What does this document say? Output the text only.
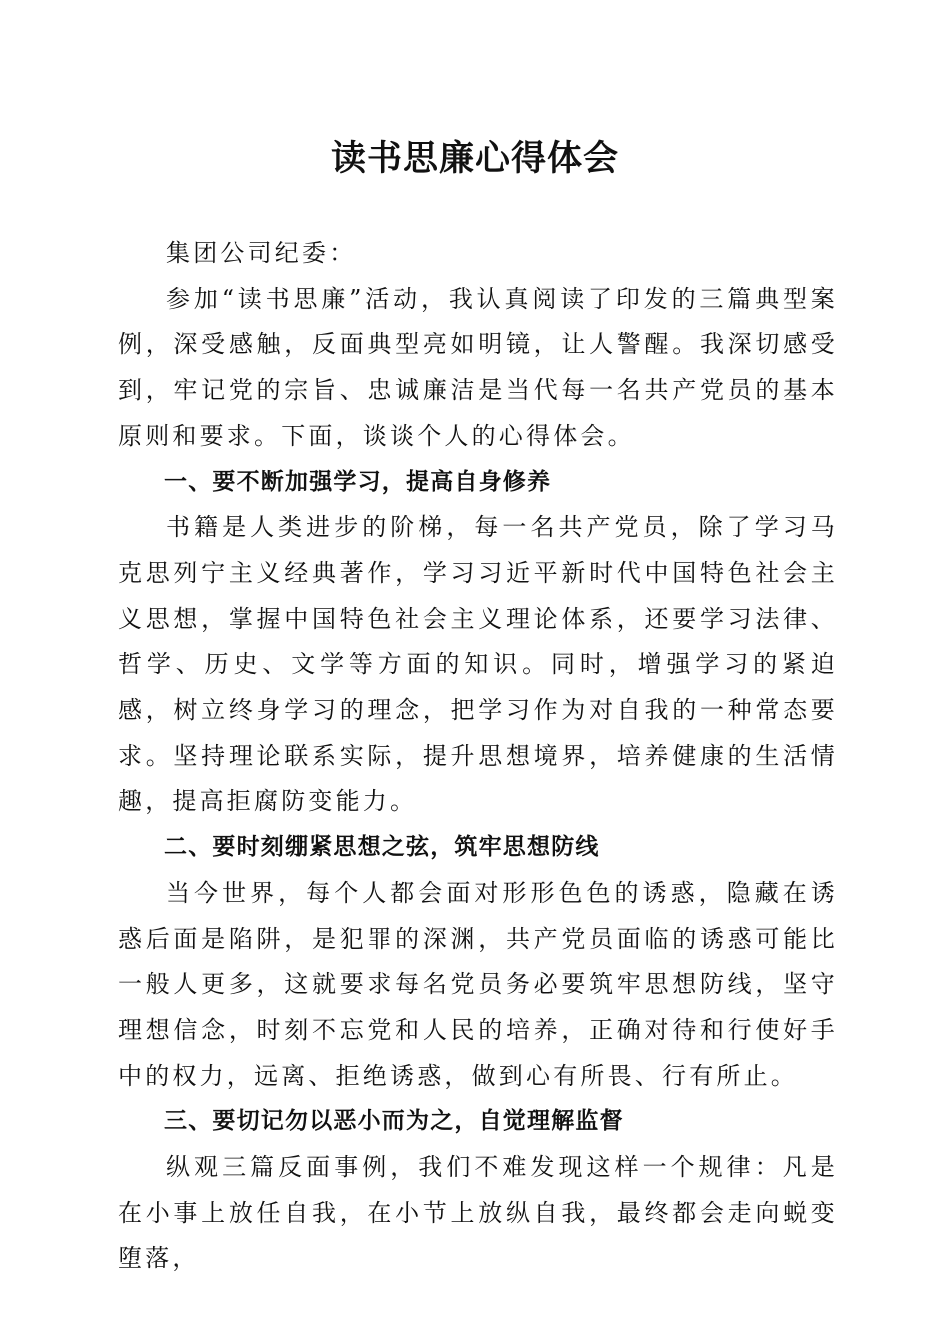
读书思廉心得体会

集团公司纪委：

参加“读书思廉”活动，我认真阅读了印发的三篇典型案例，深受感触，反面典型亮如明镜，让人警醒。我深切感受到，牢记党的宗旨、忠诚廉洁是当代每一名共产党员的基本原则和要求。下面，谈谈个人的心得体会。

一、要不断加强学习，提高自身修养

书籍是人类进步的阶梯，每一名共产党员，除了学习马克思列宁主义经典著作，学习习近平新时代中国特色社会主义思想，掌握中国特色社会主义理论体系，还要学习法律、哲学、历史、文学等方面的知识。同时，增强学习的紧迫感，树立终身学习的理念，把学习作为对自我的一种常态要求。坚持理论联系实际，提升思想境界，培养健康的生活情趣，提高拒腐防变能力。

二、要时刻绷紧思想之弦，筑牢思想防线

当今世界，每个人都会面对形形色色的诱惑，隐藏在诱惑后面是陷阱，是犯罪的深渊，共产党员面临的诱惑可能比一般人更多，这就要求每名党员务必要筑牢思想防线，坚守理想信念，时刻不忘党和人民的培养，正确对待和行使好手中的权力，远离、拒绝诱惑，做到心有所畏、行有所止。

三、要切记勿以恶小而为之，自觉理解监督

纵观三篇反面事例，我们不难发现这样一个规律：凡是在小事上放任自我，在小节上放纵自我，最终都会走向蜕变堕落，
